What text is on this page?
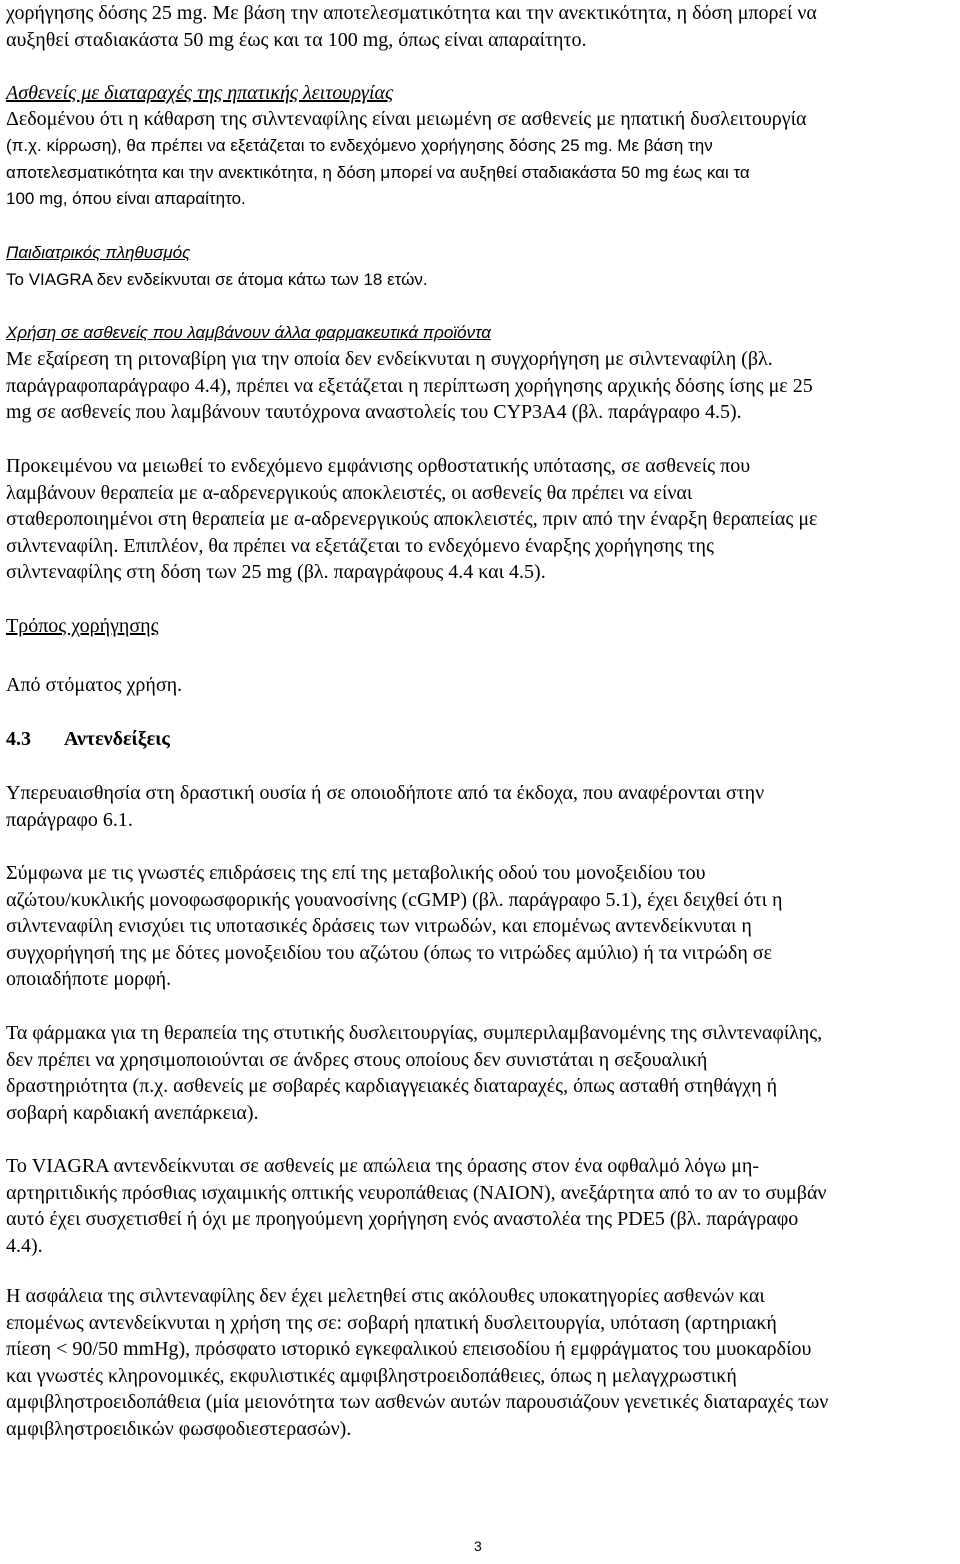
χορήγησης δόσης 25 mg. Με βάση την αποτελεσματικότητα και την ανεκτικότητα, η δόση μπορεί να
αυξηθεί σταδιακάστα 50 mg έως και τα 100 mg, όπως είναι απαραίτητο.
Ασθενείς με διαταραχές της ηπατικής λειτουργίας
Δεδομένου ότι η κάθαρση της σιλντεναφίλης είναι μειωμένη σε ασθενείς με ηπατική δυσλειτουργία
(π.χ. κίρρωση), θα πρέπει να εξετάζεται το ενδεχόμενο χορήγησης δόσης 25 mg. Με βάση την
αποτελεσματικότητα και την ανεκτικότητα, η δόση μπορεί να αυξηθεί σταδιακάστα 50 mg έως και τα
100 mg, όπου είναι απαραίτητο.
Παιδιατρικός πληθυσμός
Το VIAGRA δεν ενδείκνυται σε άτομα κάτω των 18 ετών.
Χρήση σε ασθενείς που λαμβάνουν άλλα φαρμακευτικά προϊόντα
Με εξαίρεση τη ριτοναβίρη για την οποία δεν ενδείκνυται η συγχορήγηση με σιλντεναφίλη (βλ.
παράγραφοπαράγραφο 4.4), πρέπει να εξετάζεται η περίπτωση χορήγησης αρχικής δόσης ίσης με 25
mg σε ασθενείς που λαμβάνουν ταυτόχρονα αναστολείς του CYP3A4 (βλ. παράγραφο 4.5).
Προκειμένου να μειωθεί το ενδεχόμενο εμφάνισης ορθοστατικής υπότασης, σε ασθενείς που
λαμβάνουν θεραπεία με α-αδρενεργικούς αποκλειστές, οι ασθενείς θα πρέπει να είναι
σταθεροποιημένοι στη θεραπεία με α-αδρενεργικούς αποκλειστές, πριν από την έναρξη θεραπείας με
σιλντεναφίλη. Επιπλέον, θα πρέπει να εξετάζεται το ενδεχόμενο έναρξης χορήγησης της
σιλντεναφίλης στη δόση των 25 mg (βλ. παραγράφους 4.4 και 4.5).
Τρόπος χορήγησης
Από στόματος χρήση.
4.3 Αντενδείξεις
Υπερευαισθησία στη δραστική ουσία ή σε οποιοδήποτε από τα έκδοχα, που αναφέρονται στην
παράγραφο 6.1.
Σύμφωνα με τις γνωστές επιδράσεις της επί της μεταβολικής οδού του μονοξειδίου του
αζώτου/κυκλικής μονοφωσφορικής γουανοσίνης (cGMP) (βλ. παράγραφο 5.1), έχει δειχθεί ότι η
σιλντεναφίλη ενισχύει τις υποτασικές δράσεις των νιτρωδών, και επομένως αντενδείκνυται η
συγχορήγησή της με δότες μονοξειδίου του αζώτου (όπως το νιτρώδες αμύλιο) ή τα νιτρώδη σε
οποιαδήποτε μορφή.
Τα φάρμακα για τη θεραπεία της στυτικής δυσλειτουργίας, συμπεριλαμβανομένης της σιλντεναφίλης,
δεν πρέπει να χρησιμοποιούνται σε άνδρες στους οποίους δεν συνιστάται η σεξουαλική
δραστηριότητα (π.χ. ασθενείς με σοβαρές καρδιαγγειακές διαταραχές, όπως ασταθή στηθάγχη ή
σοβαρή καρδιακή ανεπάρκεια).
Το VIAGRA αντενδείκνυται σε ασθενείς με απώλεια της όρασης στον ένα οφθαλμό λόγω μη-
αρτηριτιδικής πρόσθιας ισχαιμικής οπτικής νευροπάθειας (NAION), ανεξάρτητα από το αν το συμβάν
αυτό έχει συσχετισθεί ή όχι με προηγούμενη χορήγηση ενός αναστολέα της PDE5 (βλ. παράγραφο
4.4).
Η ασφάλεια της σιλντεναφίλης δεν έχει μελετηθεί στις ακόλουθες υποκατηγορίες ασθενών και
επομένως αντενδείκνυται η χρήση της σε: σοβαρή ηπατική δυσλειτουργία, υπόταση (αρτηριακή
πίεση < 90/50 mmHg), πρόσφατο ιστορικό εγκεφαλικού επεισοδίου ή εμφράγματος του μυοκαρδίου
και γνωστές κληρονομικές, εκφυλιστικές αμφιβληστροειδοπάθειες, όπως η μελαγχρωστική
αμφιβληστροειδοπάθεια (μία μειονότητα των ασθενών αυτών παρουσιάζουν γενετικές διαταραχές των
αμφιβληστροειδικών φωσφοδιεστερασών).
3
